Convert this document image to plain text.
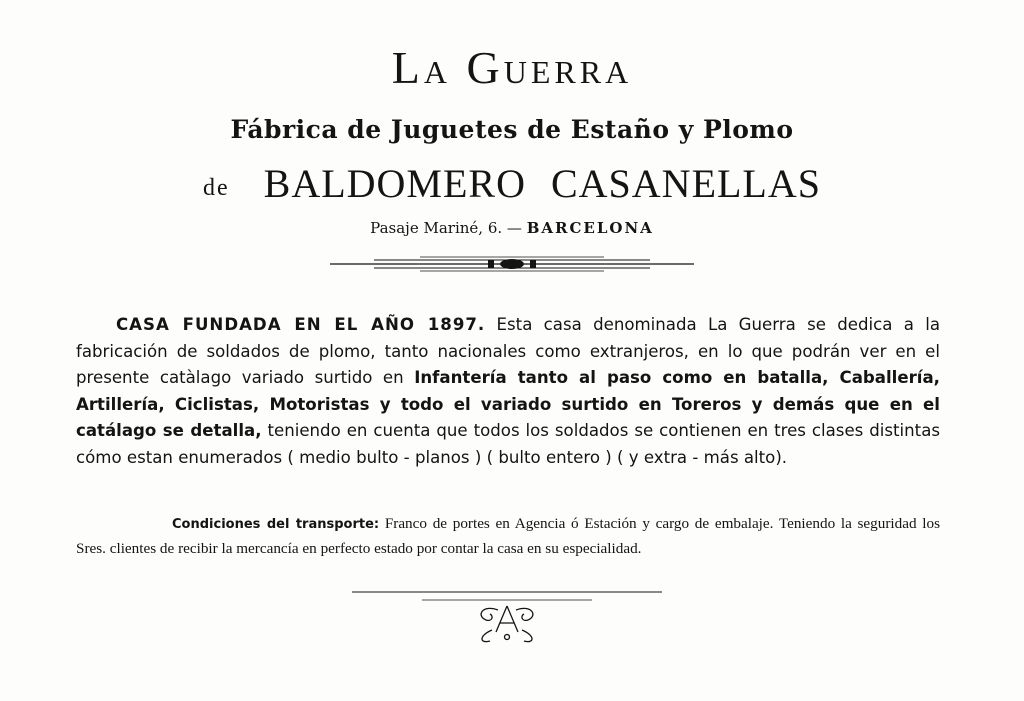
La Guerra
Fábrica de Juguetes de Estaño y Plomo
de BALDOMERO CASANELLAS
Pasaje Mariné, 6. — BARCELONA
CASA FUNDADA EN EL AÑO 1897. Esta casa denominada La Guerra se dedica a la fabricación de soldados de plomo, tanto nacionales como extranjeros, en lo que podrán ver en el presente catàlago variado surtido en Infantería tanto al paso como en batalla, Caballería, Artillería, Ciclistas, Motoristas y todo el variado surtido en Toreros y demás que en el catálago se detalla, teniendo en cuenta que todos los soldados se contienen en tres clases distintas cómo estan enumerados ( medio bulto - planos ) ( bulto entero ) ( y extra - más alto).
Condiciones del transporte: Franco de portes en Agencia ó Estación y cargo de embalaje. Teniendo la seguridad los Sres. clientes de recibir la mercancía en perfecto estado por contar la casa en su especialidad.
